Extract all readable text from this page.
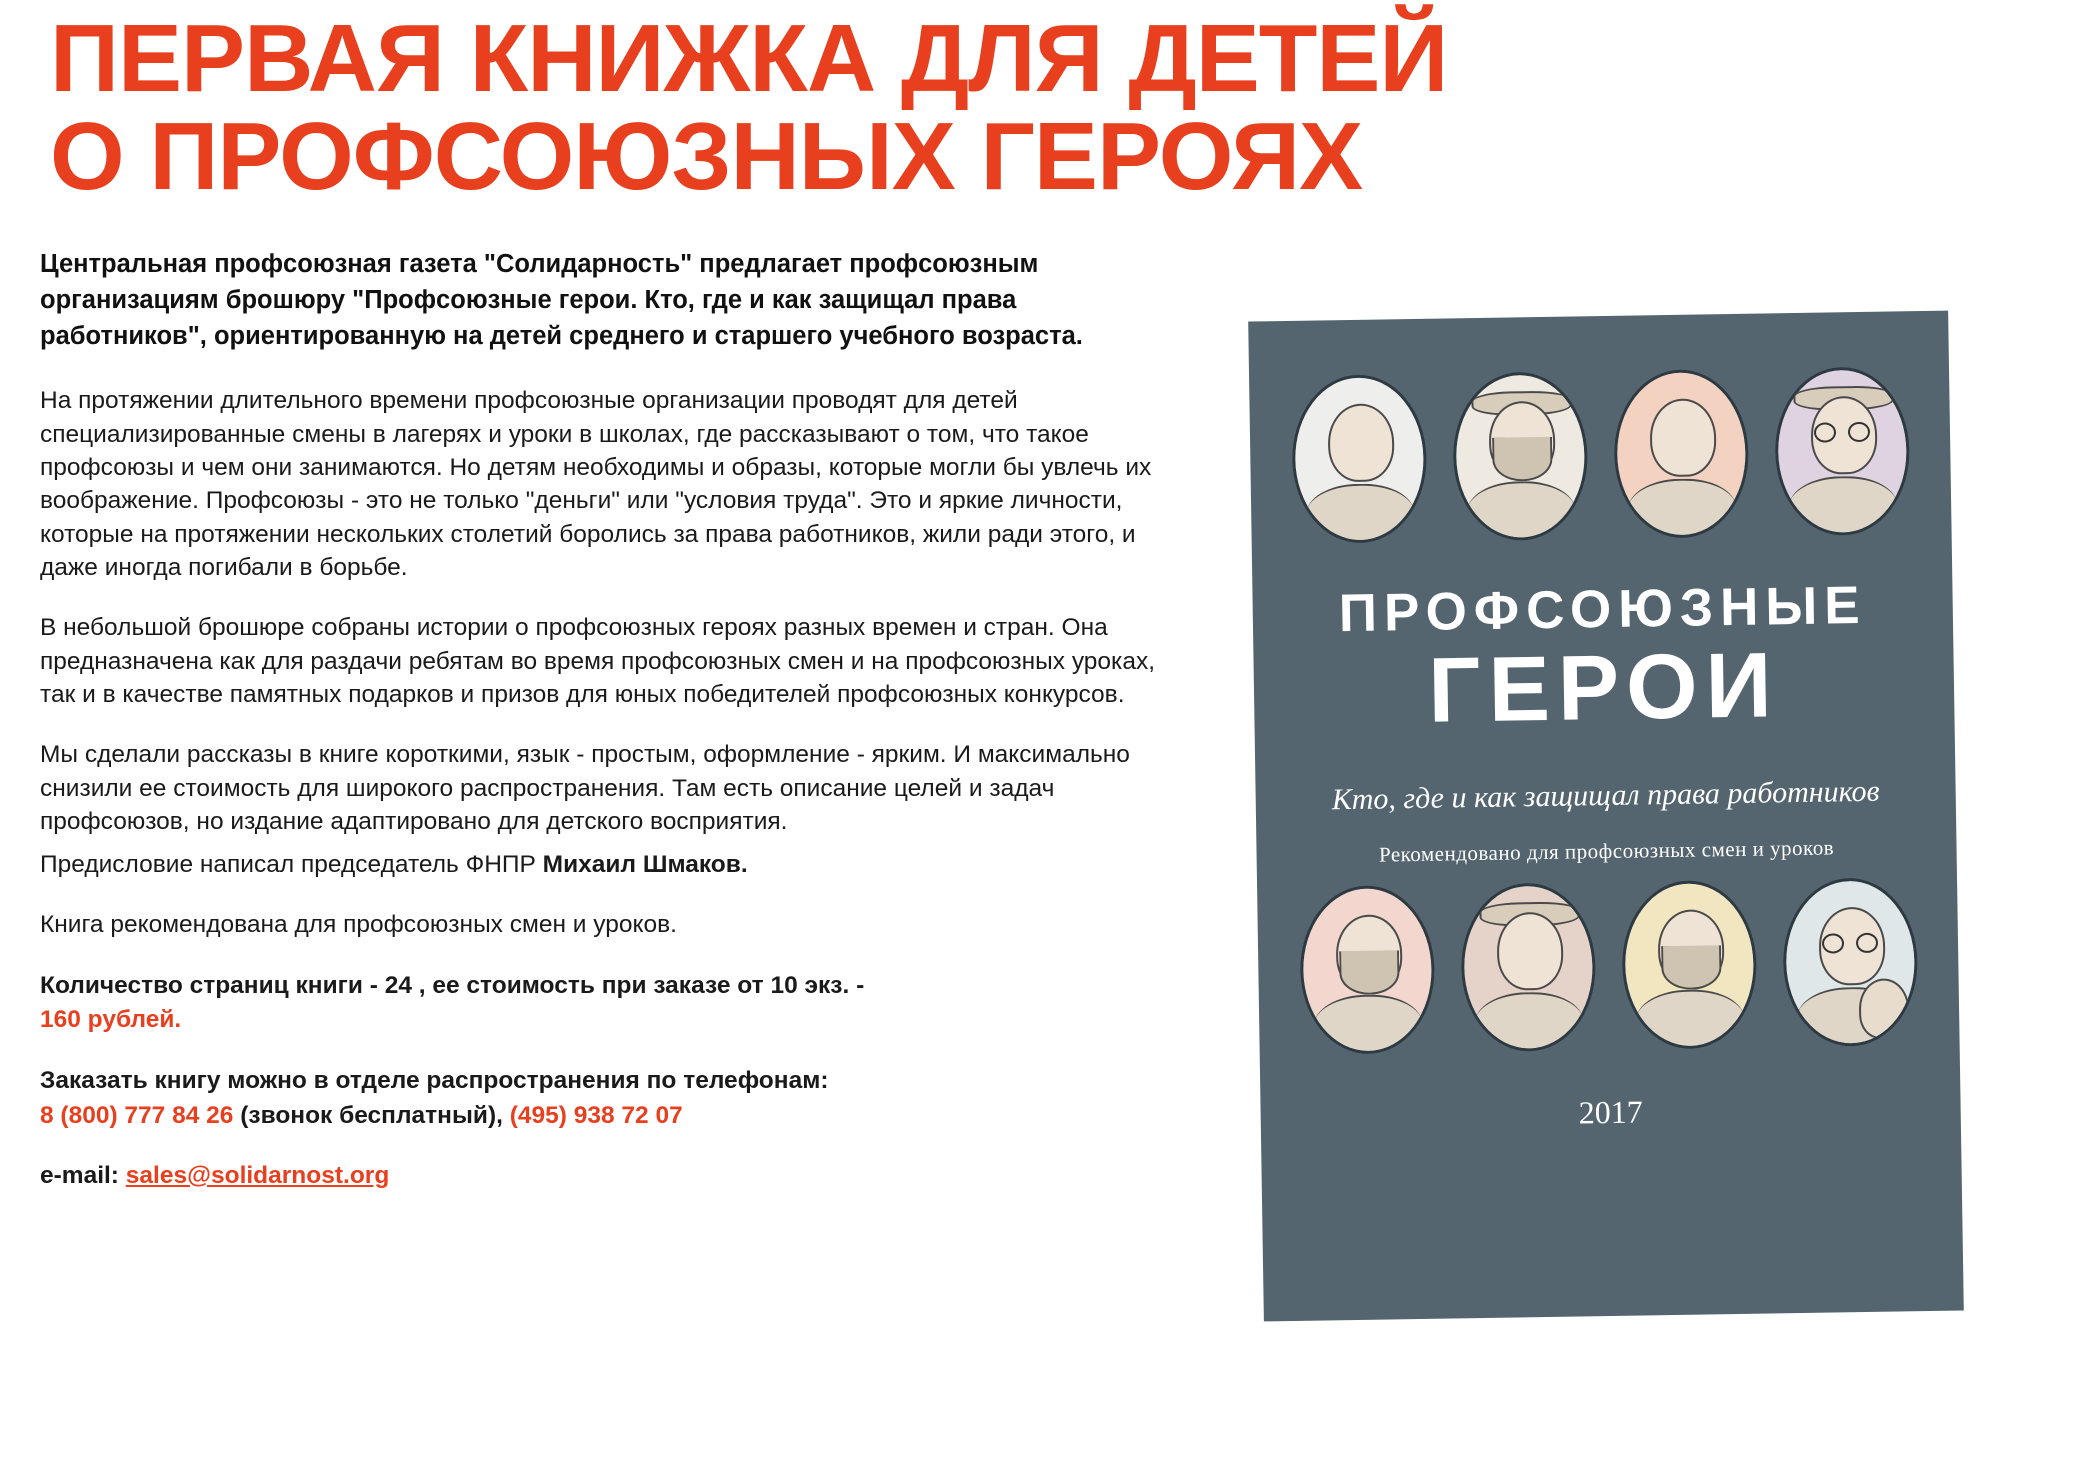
ПЕРВАЯ КНИЖКА ДЛЯ ДЕТЕЙ
О ПРОФСОЮЗНЫХ ГЕРОЯХ

Центральная профсоюзная газета "Солидарность" предлагает профсоюзным организациям брошюру "Профсоюзные герои. Кто, где и как защищал права работников", ориентированную на детей среднего и старшего учебного возраста.

На протяжении длительного времени профсоюзные организации проводят для детей специализированные смены в лагерях и уроки в школах, где рассказывают о том, что такое профсоюзы и чем они занимаются. Но детям необходимы и образы, которые могли бы увлечь их воображение. Профсоюзы - это не только "деньги" или "условия труда". Это и яркие личности, которые на протяжении нескольких столетий боролись за права работников, жили ради этого, и даже иногда погибали в борьбе.

В небольшой брошюре собраны истории о профсоюзных героях разных времен и стран. Она предназначена как для раздачи ребятам во время профсоюзных смен и на профсоюзных уроках, так и в качестве памятных подарков и призов для юных победителей профсоюзных конкурсов.

Мы сделали рассказы в книге короткими, язык - простым, оформление - ярким. И максимально снизили ее стоимость для широкого распространения. Там есть описание целей и задач профсоюзов, но издание адаптировано для детского восприятия.

Предисловие написал председатель ФНПР Михаил Шмаков.

Книга рекомендована для профсоюзных смен и уроков.

Количество страниц книги - 24 , ее стоимость при заказе от 10 экз. -
160 рублей.

Заказать книгу можно в отделе распространения по телефонам:
8 (800) 777 84 26 (звонок бесплатный), (495) 938 72 07

e-mail: sales@solidarnost.org

ПРОФСОЮЗНЫЕ
ГЕРОИ
Кто, где и как защищал права работников
Рекомендовано для профсоюзных смен и уроков
2017
